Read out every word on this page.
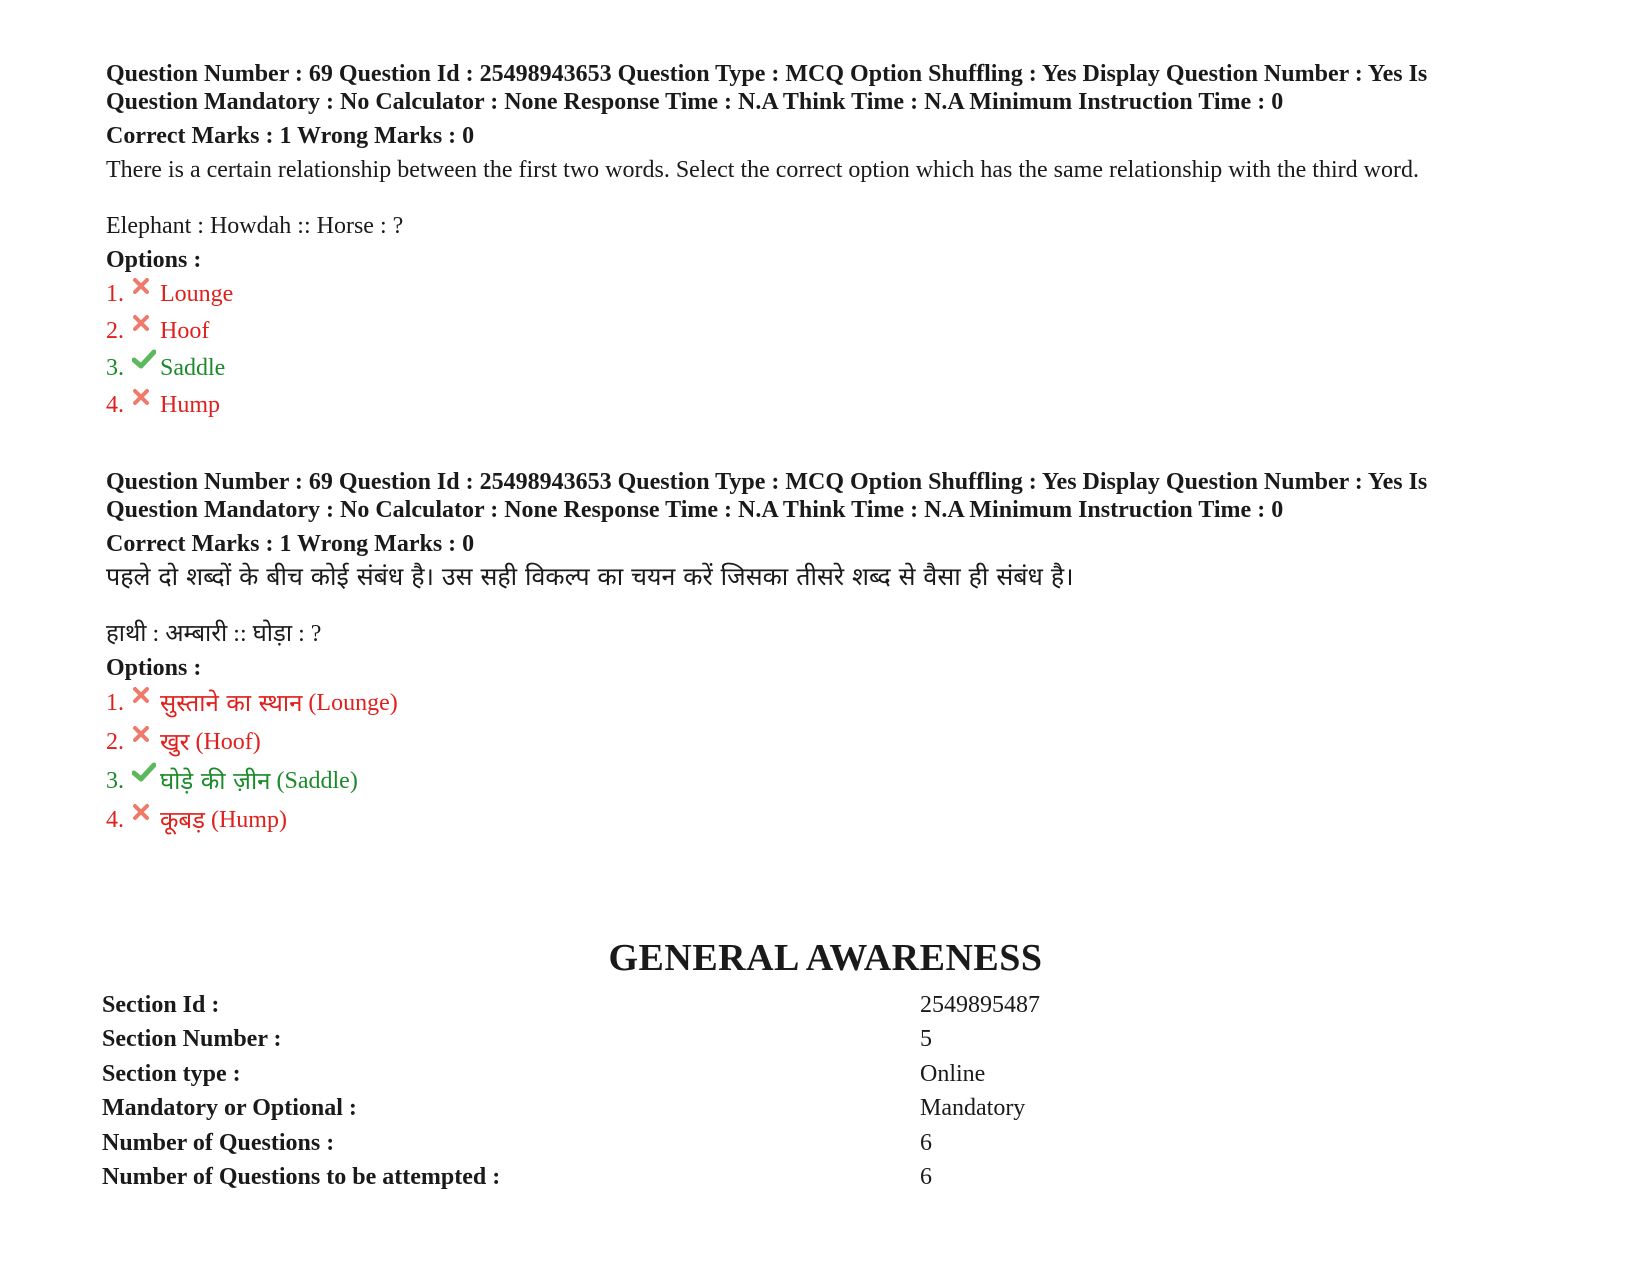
Question Number : 69 Question Id : 25498943653 Question Type : MCQ Option Shuffling : Yes Display Question Number : Yes Is
Question Mandatory : No Calculator : None Response Time : N.A Think Time : N.A Minimum Instruction Time : 0
Correct Marks : 1 Wrong Marks : 0
There is a certain relationship between the first two words. Select the correct option which has the same relationship with the third word.
Elephant : Howdah :: Horse : ?
Options :
1.	Lounge
2.	Hoof
3.	Saddle
4.	Hump
Question Number : 69 Question Id : 25498943653 Question Type : MCQ Option Shuffling : Yes Display Question Number : Yes Is
Question Mandatory : No Calculator : None Response Time : N.A Think Time : N.A Minimum Instruction Time : 0
Correct Marks : 1 Wrong Marks : 0
पहले दो शब्दों के बीच कोई संबंध है। उस सही विकल्प का चयन करें जिसका तीसरे शब्द से वैसा ही संबंध है।
हाथी : अम्बारी :: घोड़ा : ?
Options :
1.	सुस्ताने का स्थान (Lounge)
2.	खुर (Hoof)
3.	घोड़े की ज़ीन (Saddle)
4.	कूबड़ (Hump)
GENERAL AWARENESS
Section Id :	2549895487
Section Number :	5
Section type :	Online
Mandatory or Optional :	Mandatory
Number of Questions :	6
Number of Questions to be attempted :	6
